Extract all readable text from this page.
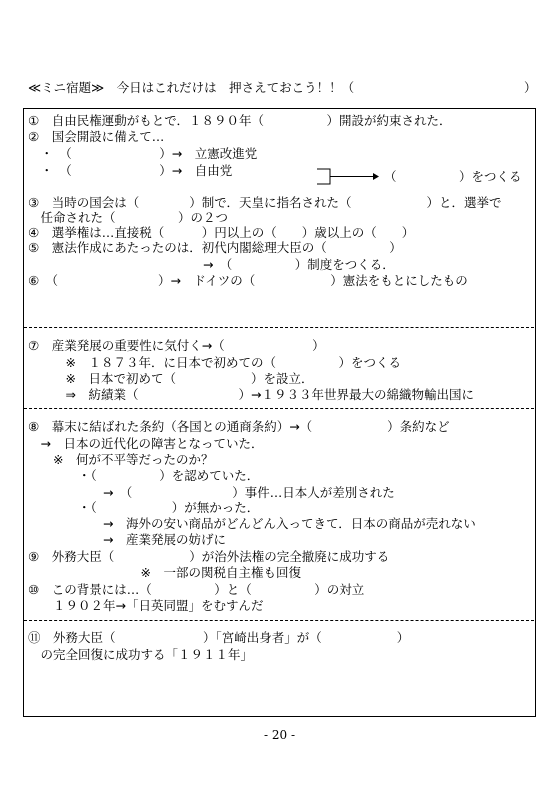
≪ミニ宿題≫　今日はこれだけは　押さえておこう！！（	）
①　自由民権運動がもとで．１８９０年（　　　　　）開設が約束された．
②　国会開設に備えて…
　・　（　　　　　　　）→　立憲改進党
　・　（　　　　　　　）→　自由党	（　　　　　）をつくる
③　当時の国会は（　　　　）制で．天皇に指名された（　　　　　　）と．選挙で
　任命された（　　　　　）の２つ
④　選挙権は…直接税（　　　）円以上の（　　）歳以上の（　　）
⑤　憲法作成にあたったのは．初代内閣総理大臣の（　　　　　）
　　　　　　　　　　　　　　→　（　　　　　）制度をつくる．
⑥　（　　　　　　　　）→　ドイツの（　　　　　　）憲法をもとにしたもの
⑦　産業発展の重要性に気付く→（　　　　　　　）
　　　※　１８７３年．に日本で初めての（　　　　　）をつくる
　　　※　日本で初めて（　　　　　　）を設立．
　　　⇒　紡績業（　　　　　　　　）→１９３３年世界最大の綿織物輸出国に
⑧　幕末に結ばれた条約（各国との通商条約）→（　　　　　　）条約など
　→　日本の近代化の障害となっていた．
　　※　何が不平等だったのか？
　　　　・（　　　　　）を認めていた．
　　　　　　→　（　　　　　　　　）事件…日本人が差別された
　　　　・（　　　　　　）が無かった．
　　　　　　→　海外の安い商品がどんどん入ってきて．日本の商品が売れない
　　　　　　→　産業発展の妨げに
⑨　外務大臣（　　　　　　）が治外法権の完全撤廃に成功する
　　　　　　　　　※　一部の関税自主権も回復
⑩　この背景には…（　　　　　）と（　　　　　）の対立
　　１９０２年→「日英同盟」をむすんだ
⑪　外務大臣（　　　　　　　）「宮崎出身者」が（　　　　　　）
　の完全回復に成功する「１９１１年」
- 20 -
